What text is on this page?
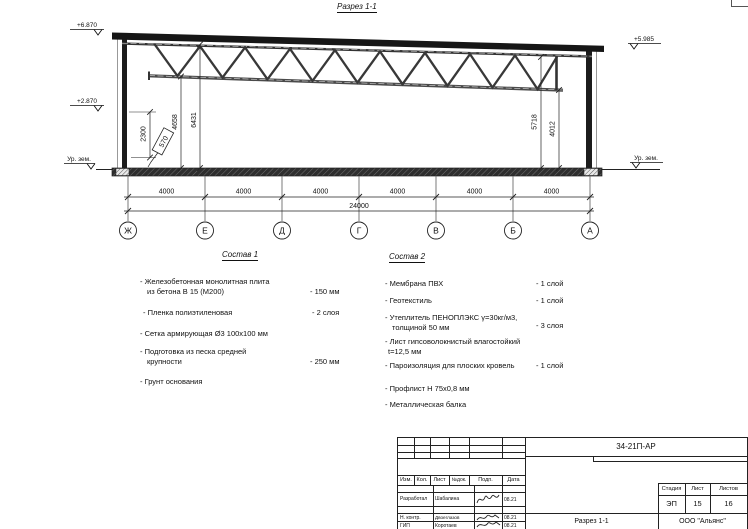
Разрез 1-1
+6.870
+2.870
Ур. зем.
+5.985
Ур. зем.
2300
570
4658 6431	5718 4012
4000	4000	4000	4000	4000	4000
24000
Ж	Е	Д	Г	В	Б	А
Состав 1
- Железобетонная монолитная плита
из бетона В 15 (М200)	- 150 мм
- Пленка полиэтиленовая	- 2 слоя
- Сетка армирующая Ø3 100х100 мм
- Подготовка из песка средней
крупности	- 250 мм
- Грунт основания
Состав 2
- Мембрана ПВХ	- 1 слой
- Геотекстиль	- 1 слой
- Утеплитель ПЕНОПЛЭКС γ=30кг/м3,
толщиной 50 мм	- 3 слоя
- Лист гипсоволокнистый влагостойкий
t=12,5 мм
- Пароизоляция для плоских кровель	- 1 слой
- Профлист Н 75х0,8 мм
- Металлическая балка
Изм. Кол.	Лист	№док.	Подп.	Дата
Разработал Шабалина	08.21
Н. контр.	Двоеглазов	08.21
ГИП	Коротаев	08.21
34-21П-АР
Стадия	Лист	Листов
ЭП	15	16
Разрез 1-1	ООО "Альянс"
